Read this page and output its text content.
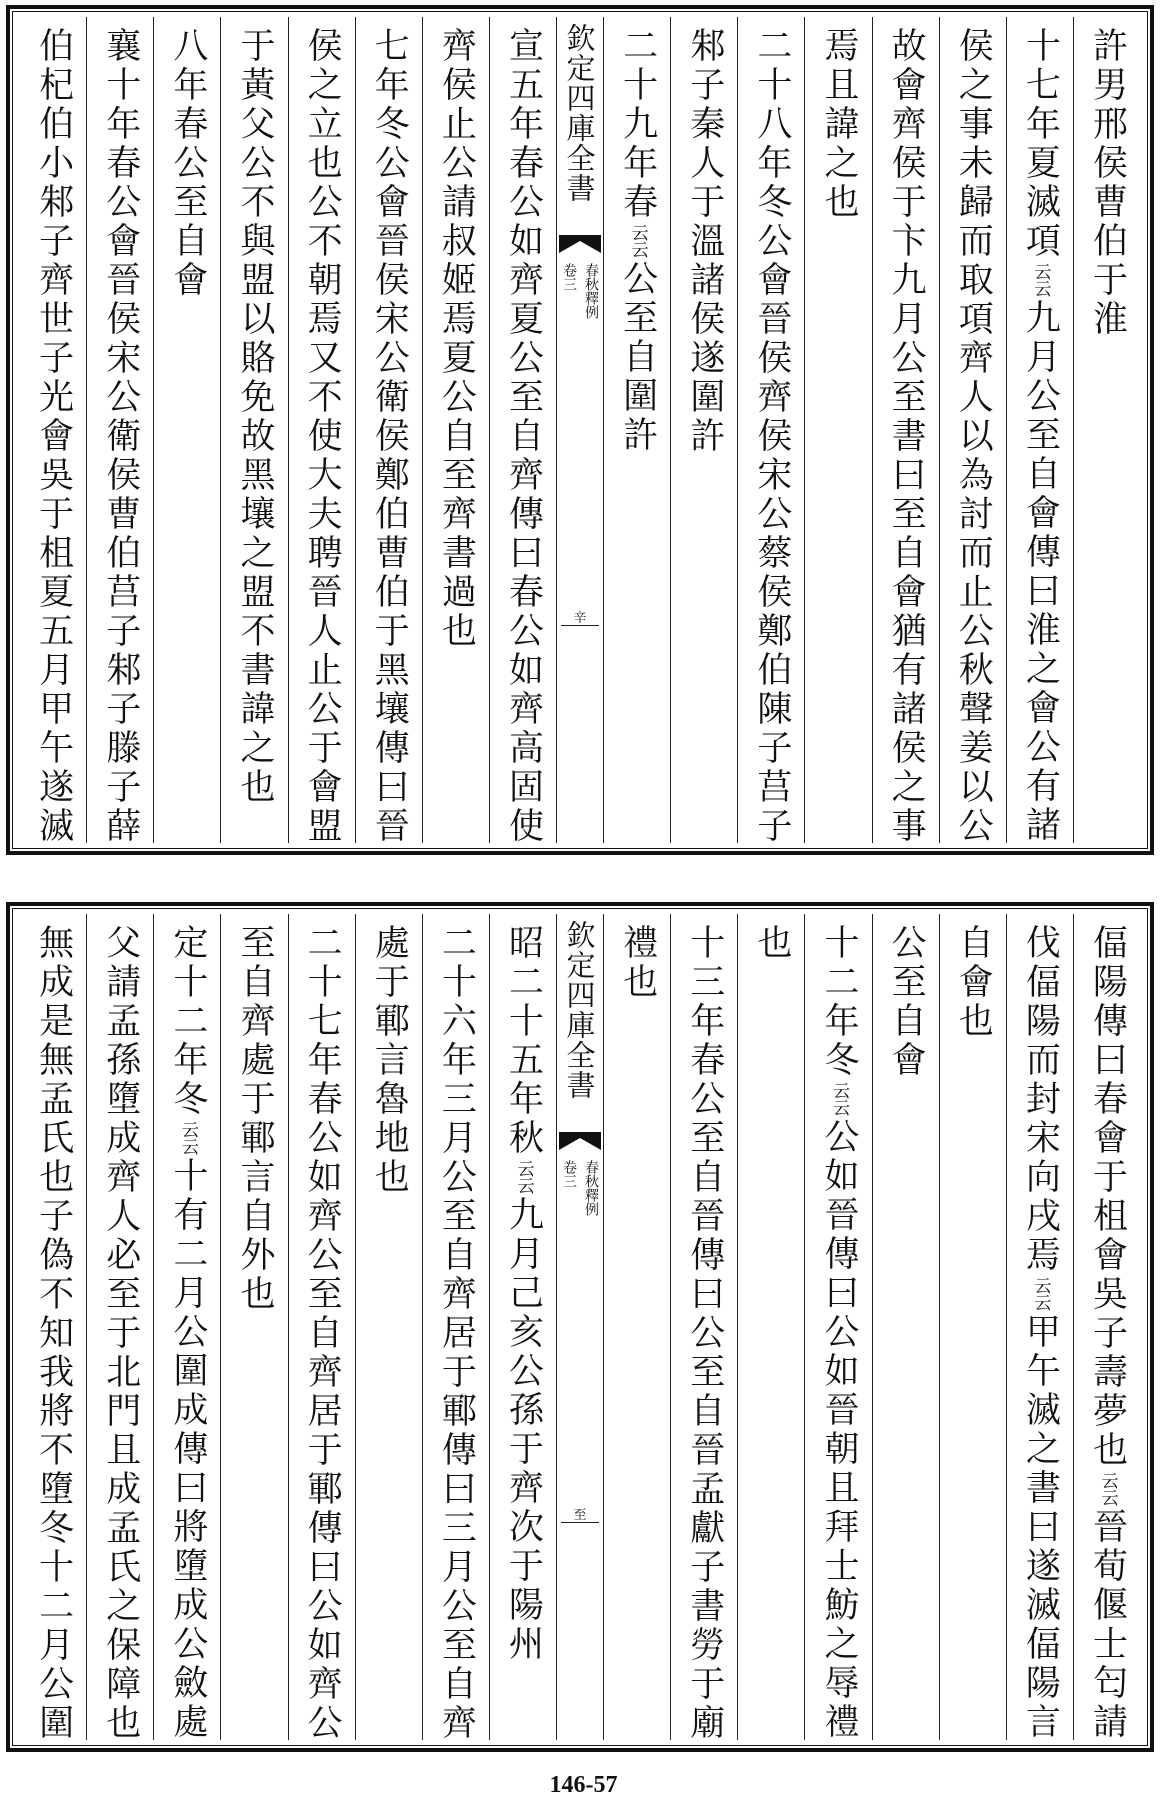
許男邢侯曹伯于淮
十七年夏滅項云云九月公至自會傳曰淮之會公有諸
侯之事未歸而取項齊人以為討而止公秋聲姜以公
故會齊侯于卞九月公至書曰至自會猶有諸侯之事
焉且諱之也
二十八年冬公會晉侯齊侯宋公蔡侯鄭伯陳子莒子
邾子秦人于溫諸侯遂圍許
二十九年春云云公至自圍許
欽定四庫全書
春秋釋例
卷三
辛
宣五年春公如齊夏公至自齊傳曰春公如齊高固使
齊侯止公請叔姬焉夏公自至齊書過也
七年冬公會晉侯宋公衛侯鄭伯曹伯于黑壤傳曰晉
侯之立也公不朝焉又不使大夫聘晉人止公于會盟
于黃父公不與盟以賂免故黑壤之盟不書諱之也
八年春公至自會
襄十年春公會晉侯宋公衛侯曹伯莒子邾子滕子薛
伯杞伯小邾子齊世子光會吳于柤夏五月甲午遂滅
偪陽傳曰春會于柤會吳子壽夢也云云晉荀偃士匄請
伐偪陽而封宋向戌焉云云甲午滅之書曰遂滅偪陽言
自會也
公至自會
十二年冬云云公如晉傳曰公如晉朝且拜士魴之辱禮
也
十三年春公至自晉傳曰公至自晉孟獻子書勞于廟
禮也
欽定四庫全書
春秋釋例
卷三
至
昭二十五年秋云云九月己亥公孫于齊次于陽州
二十六年三月公至自齊居于鄆傳曰三月公至自齊
處于鄆言魯地也
二十七年春公如齊公至自齊居于鄆傳曰公如齊公
至自齊處于鄆言自外也
定十二年冬云云十有二月公圍成傳曰將墮成公斂處
父請孟孫墮成齊人必至于北門且成孟氏之保障也
無成是無孟氏也子偽不知我將不墮冬十二月公圍
146-57
